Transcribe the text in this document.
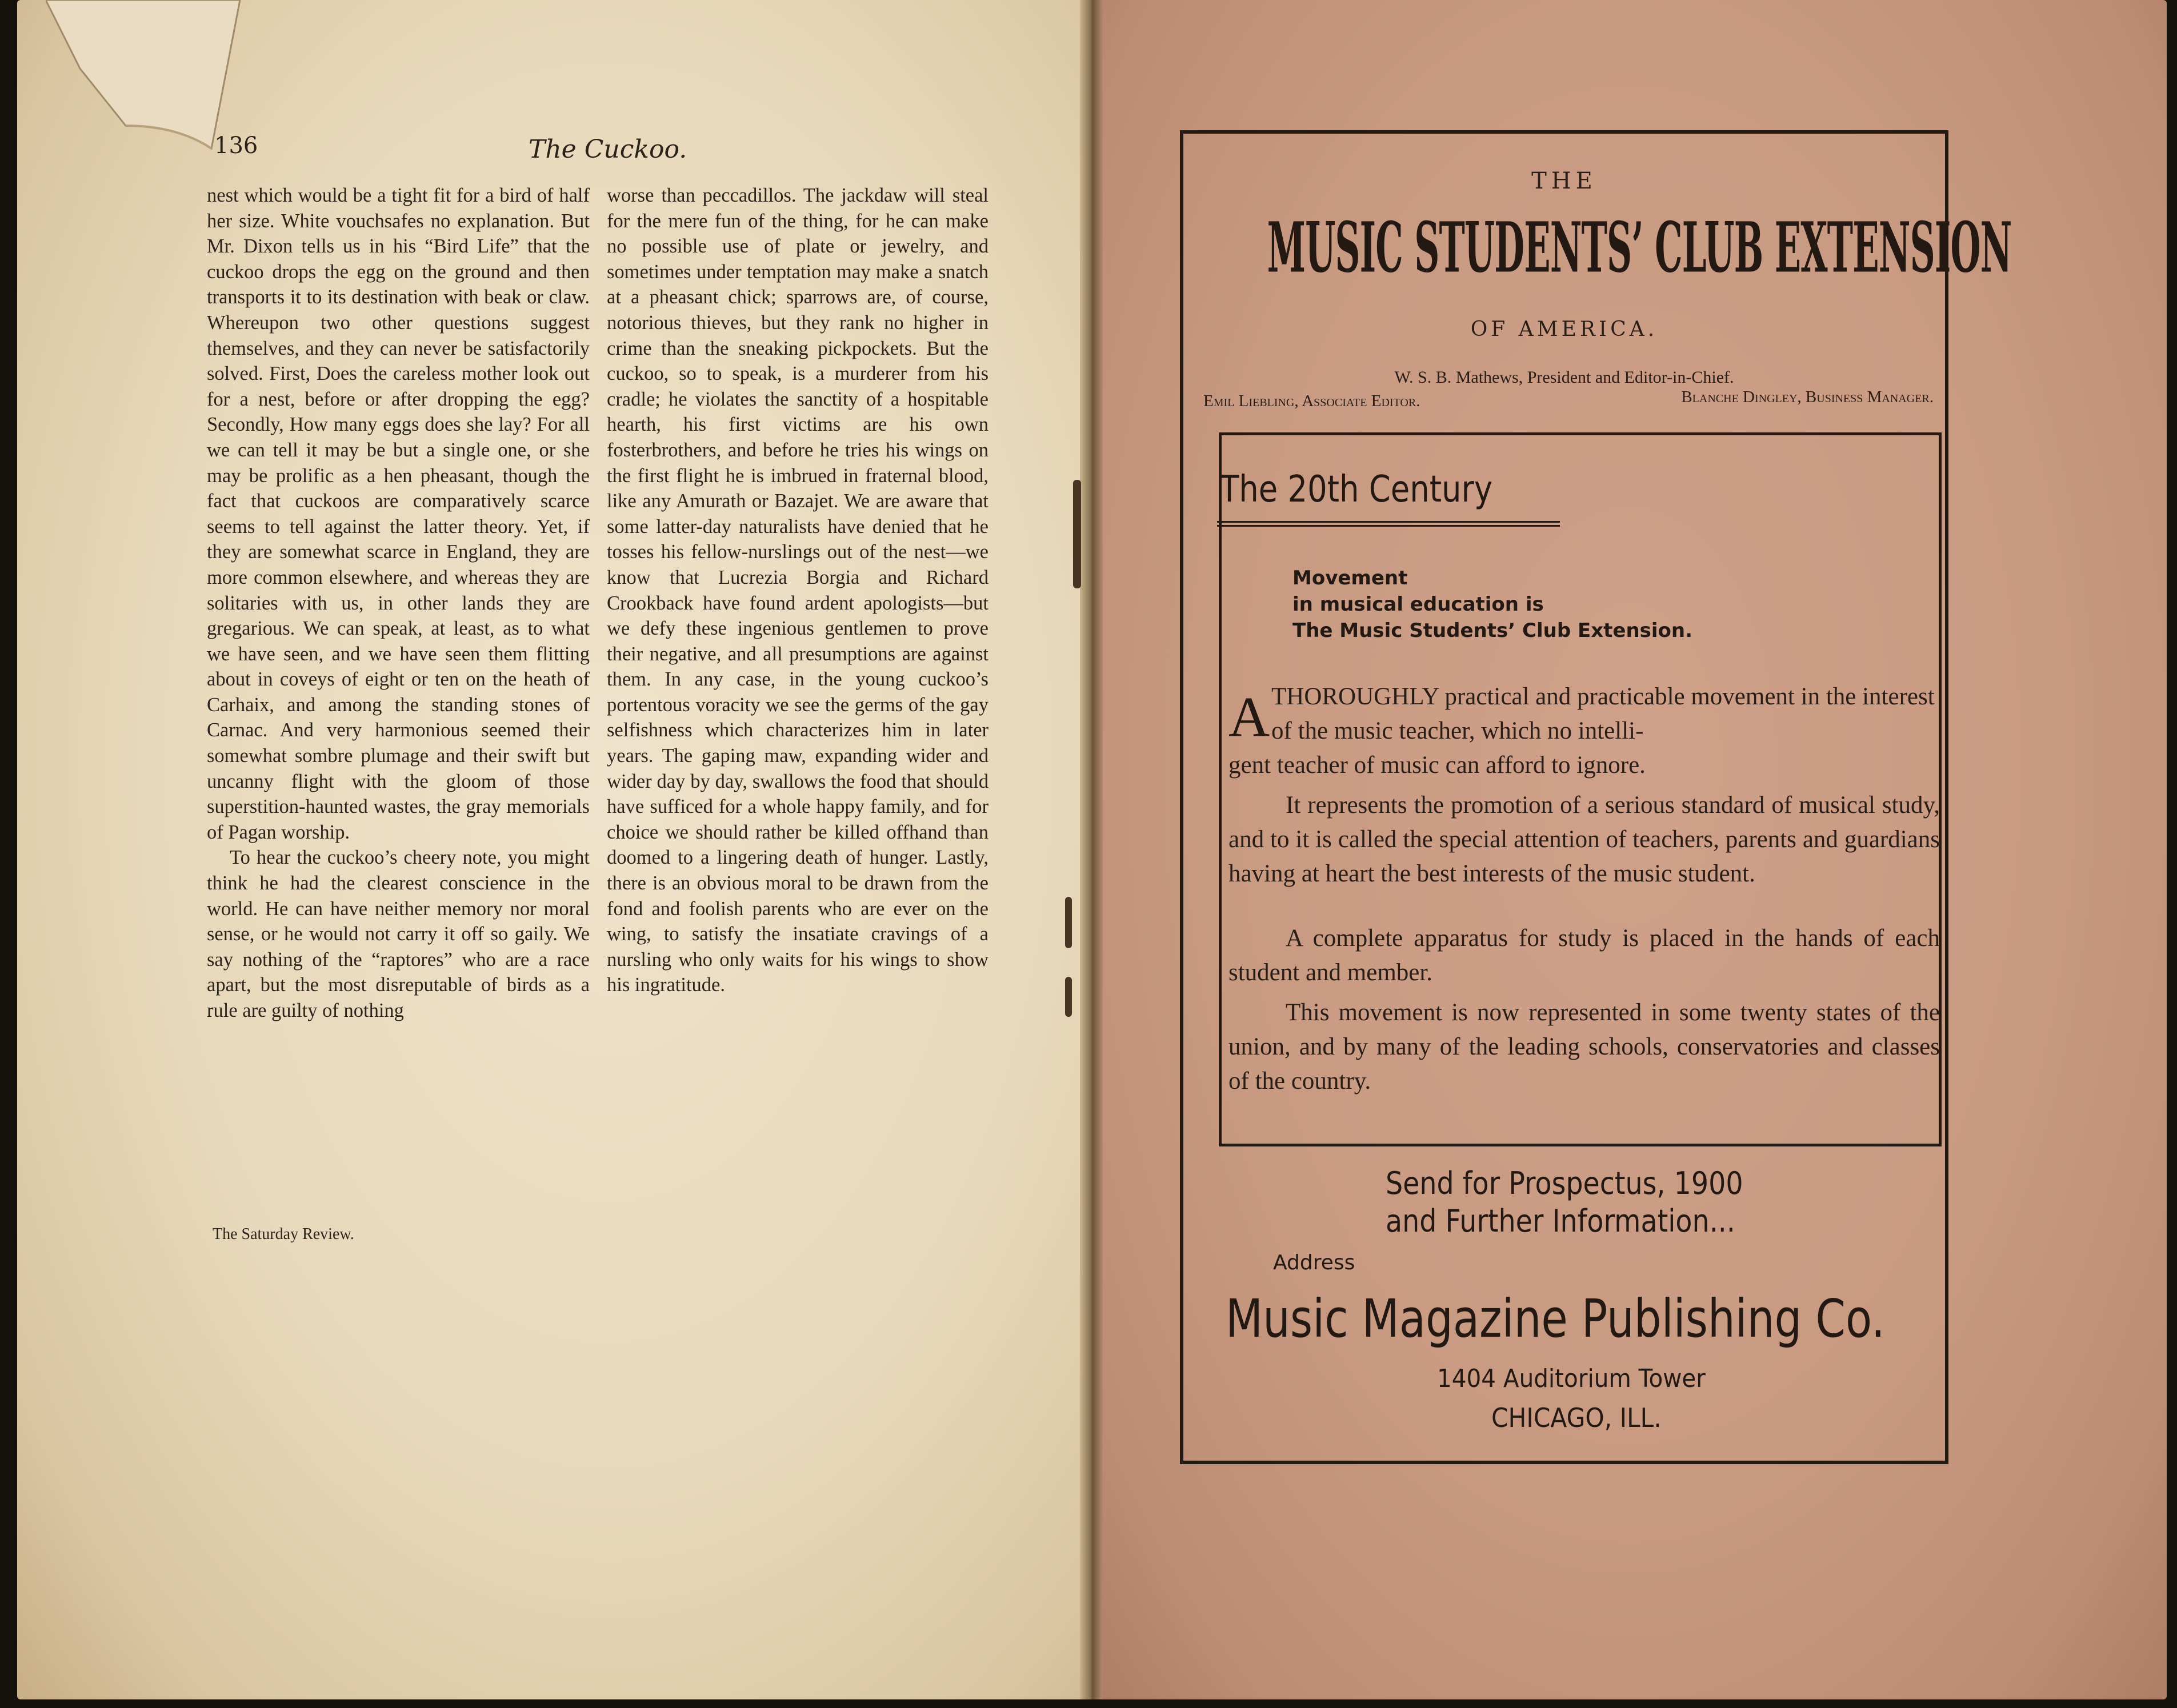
136	The Cuckoo.

nest which would be a tight fit for a bird of half her size. White vouchsafes no explanation. But Mr. Dixon tells us in his “Bird Life” that the cuckoo drops the egg on the ground and then transports it to its destination with beak or claw. Whereupon two other questions suggest themselves, and they can never be satisfactorily solved. First, Does the careless mother look out for a nest, before or after dropping the egg? Secondly, How many eggs does she lay? For all we can tell it may be but a single one, or she may be prolific as a hen pheasant, though the fact that cuckoos are comparatively scarce seems to tell against the latter theory. Yet, if they are somewhat scarce in England, they are more common elsewhere, and whereas they are solitaries with us, in other lands they are gregarious. We can speak, at least, as to what we have seen, and we have seen them flitting about in coveys of eight or ten on the heath of Carhaix, and among the standing stones of Carnac. And very harmonious seemed their somewhat sombre plumage and their swift but uncanny flight with the gloom of those superstition-haunted wastes, the gray memorials of Pagan worship.

To hear the cuckoo’s cheery note, you might think he had the clearest conscience in the world. He can have neither memory nor moral sense, or he would not carry it off so gaily. We say nothing of the “raptores” who are a race apart, but the most disreputable of birds as a rule are guilty of nothing

worse than peccadillos. The jackdaw will steal for the mere fun of the thing, for he can make no possible use of plate or jewelry, and sometimes under temptation may make a snatch at a pheasant chick; sparrows are, of course, notorious thieves, but they rank no higher in crime than the sneaking pickpockets. But the cuckoo, so to speak, is a murderer from his cradle; he violates the sanctity of a hospitable hearth, his first victims are his own fosterbrothers, and before he tries his wings on the first flight he is imbrued in fraternal blood, like any Amurath or Bazajet. We are aware that some latter-day naturalists have denied that he tosses his fellow-nurslings out of the nest—we know that Lucrezia Borgia and Richard Crookback have found ardent apologists—but we defy these ingenious gentlemen to prove their negative, and all presumptions are against them. In any case, in the young cuckoo’s portentous voracity we see the germs of the gay selfishness which characterizes him in later years. The gaping maw, expanding wider and wider day by day, swallows the food that should have sufficed for a whole happy family, and for choice we should rather be killed offhand than doomed to a lingering death of hunger. Lastly, there is an obvious moral to be drawn from the fond and foolish parents who are ever on the wing, to satisfy the insatiate cravings of a nursling who only waits for his wings to show his ingratitude.

The Saturday Review.
THE
MUSIC STUDENTS’ CLUB EXTENSION
OF AMERICA.
W. S. B. Mathews, President and Editor-in-Chief.
Emil Liebling, Associate Editor.	Blanche Dingley, Business Manager.
The 20th Century
Movement
in musical education is
The Music Students’ Club Extension.
A THOROUGHLY practical and practicable movement in the interest of the music teacher, which no intelli-
gent teacher of music can afford to ignore.
It represents the promotion of a serious standard of musical study, and to it is called the special attention of teachers, parents and guardians having at heart the best interests of the music student.
A complete apparatus for study is placed in the hands of each student and member.
This movement is now represented in some twenty states of the union, and by many of the leading schools, conservatories and classes of the country.
Send for Prospectus, 1900
and Further Information...
Address
Music Magazine Publishing Co.
1404 Auditorium Tower
CHICAGO, ILL.
